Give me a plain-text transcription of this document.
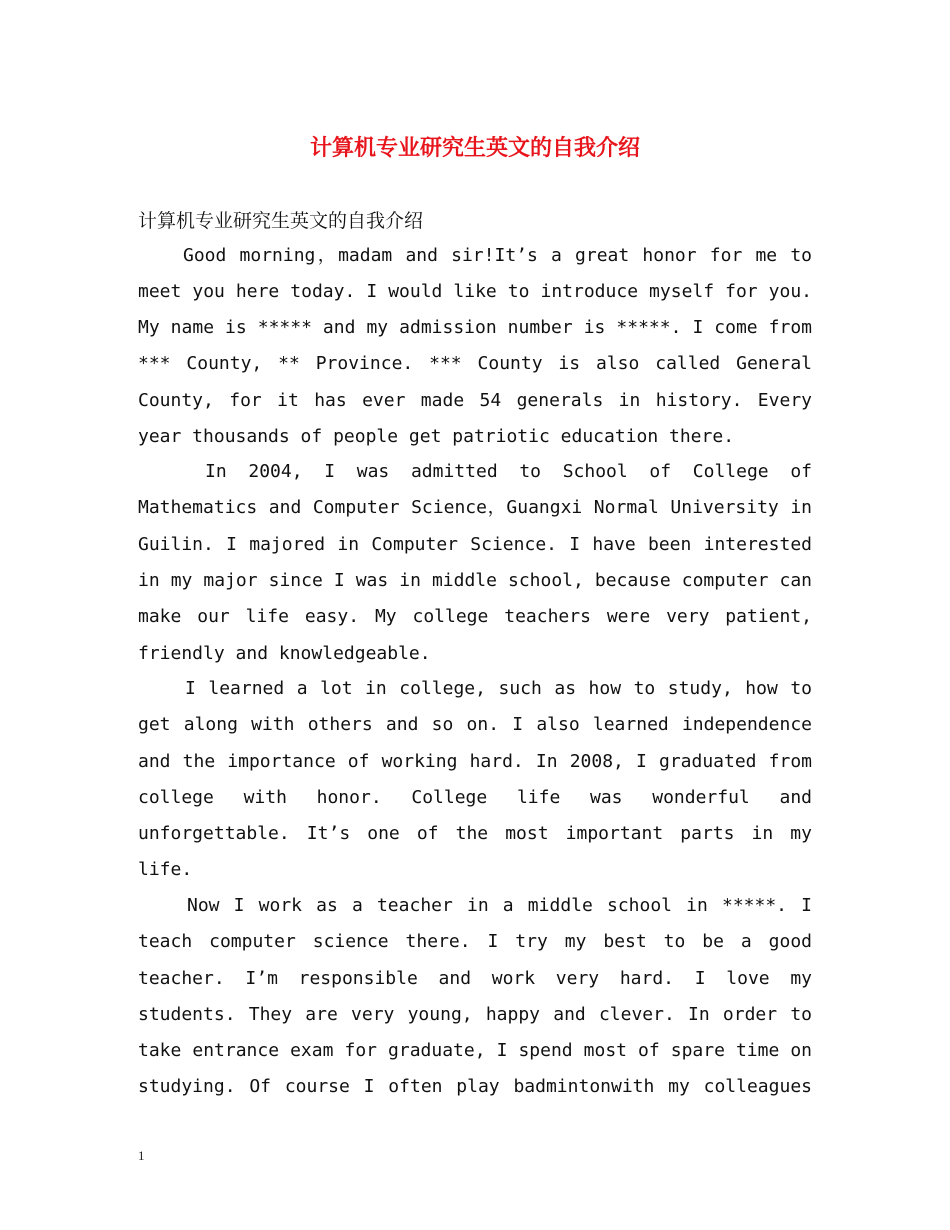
计算机专业研究生英文的自我介绍
计算机专业研究生英文的自我介绍
Good morning，madam and sir!It’s a great honor for me to
meet you here today. I would like to introduce myself for you.
My name is ***** and my admission number is *****. I come from
*** County, ** Province. *** County is also called General
County, for it has ever made 54 generals in history. Every
year thousands of people get patriotic education there.
In 2004, I was admitted to School of College of
Mathematics and Computer Science，Guangxi Normal University in
Guilin. I majored in Computer Science. I have been interested
in my major since I was in middle school, because computer can
make our life easy. My college teachers were very patient,
friendly and knowledgeable.
I learned a lot in college, such as how to study, how to
get along with others and so on. I also learned independence
and the importance of working hard. In 2008, I graduated from
college with honor. College life was wonderful and
unforgettable. It’s one of the most important parts in my
life.
Now I work as a teacher in a middle school in *****. I
teach computer science there. I try my best to be a good
teacher. I’m responsible and work very hard. I love my
students. They are very young, happy and clever. In order to
take entrance exam for graduate, I spend most of spare time on
studying. Of course I often play badmintonwith my colleagues
1
